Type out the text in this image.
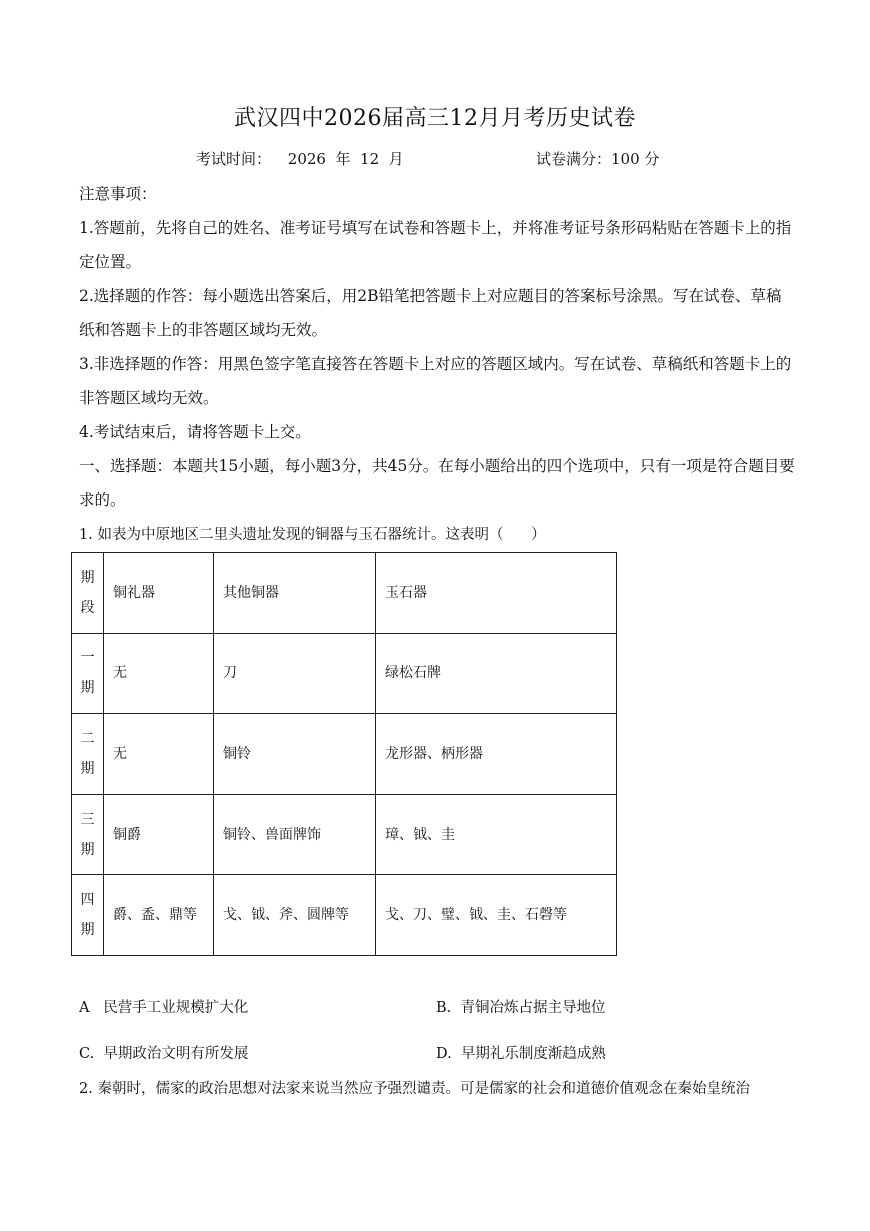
武汉四中2026届高三12月月考历史试卷
考试时间： 2026  年  12  月	试卷满分：100 分

注意事项：

1.答题前，先将自己的姓名、准考证号填写在试卷和答题卡上，并将准考证号条形码粘贴在答题卡上的指定位置。

2.选择题的作答：每小题选出答案后，用2B铅笔把答题卡上对应题目的答案标号涂黑。写在试卷、草稿纸和答题卡上的非答题区域均无效。

3.非选择题的作答：用黑色签字笔直接答在答题卡上对应的答题区域内。写在试卷、草稿纸和答题卡上的非答题区域均无效。

4.考试结束后，请将答题卡上交。

一、选择题：本题共15小题，每小题3分，共45分。在每小题给出的四个选项中，只有一项是符合题目要求的。

1. 如表为中原地区二里头遗址发现的铜器与玉石器统计。这表明（      ）
期段	铜礼器	其他铜器	玉石器
一期	无	刀	绿松石牌
二期	无	铜铃	龙形器、柄形器
三期	铜爵	铜铃、兽面牌饰	璋、钺、圭
四期	爵、盉、鼎等	戈、钺、斧、圆牌等	戈、刀、璧、钺、圭、石磬等
A   民营手工业规模扩大化	B.  青铜冶炼占据主导地位
C.  早期政治文明有所发展	D.  早期礼乐制度渐趋成熟
2. 秦朝时，儒家的政治思想对法家来说当然应予强烈谴责。可是儒家的社会和道德价值观念在秦始皇统治
